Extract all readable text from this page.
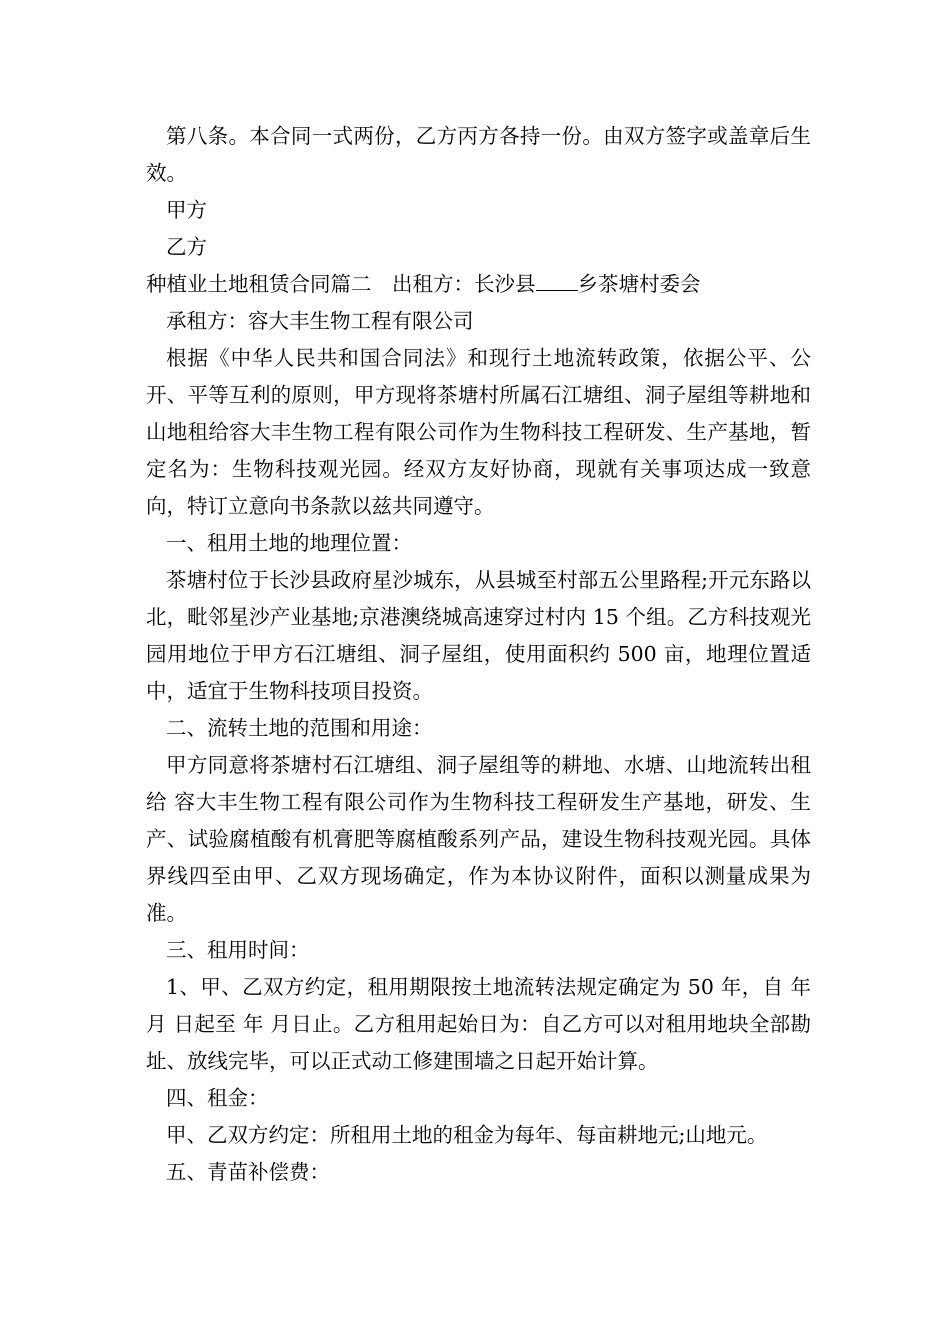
第八条。本合同一式两份，乙方丙方各持一份。由双方签字或盖章后生效。

甲方

乙方

种植业土地租赁合同篇二　出租方：长沙县 乡茶塘村委会

承租方：容大丰生物工程有限公司

根据《中华人民共和国合同法》和现行土地流转政策，依据公平、公开、平等互利的原则，甲方现将茶塘村所属石江塘组、洞子屋组等耕地和山地租给容大丰生物工程有限公司作为生物科技工程研发、生产基地，暂定名为：生物科技观光园。经双方友好协商，现就有关事项达成一致意向，特订立意向书条款以兹共同遵守。

一、租用土地的地理位置：

茶塘村位于长沙县政府星沙城东，从县城至村部五公里路程;开元东路以北，毗邻星沙产业基地;京港澳绕城高速穿过村内 15 个组。乙方科技观光园用地位于甲方石江塘组、洞子屋组，使用面积约 500 亩，地理位置适中，适宜于生物科技项目投资。

二、流转土地的范围和用途：

甲方同意将茶塘村石江塘组、洞子屋组等的耕地、水塘、山地流转出租给 容大丰生物工程有限公司作为生物科技工程研发生产基地，研发、生产、试验腐植酸有机膏肥等腐植酸系列产品，建设生物科技观光园。具体界线四至由甲、乙双方现场确定，作为本协议附件，面积以测量成果为准。

三、租用时间：

1、甲、乙双方约定，租用期限按土地流转法规定确定为 50 年，自 年 月 日起至 年 月日止。乙方租用起始日为：自乙方可以对租用地块全部勘址、放线完毕，可以正式动工修建围墙之日起开始计算。

四、租金：

甲、乙双方约定：所租用土地的租金为每年、每亩耕地元;山地元。

五、青苗补偿费：
